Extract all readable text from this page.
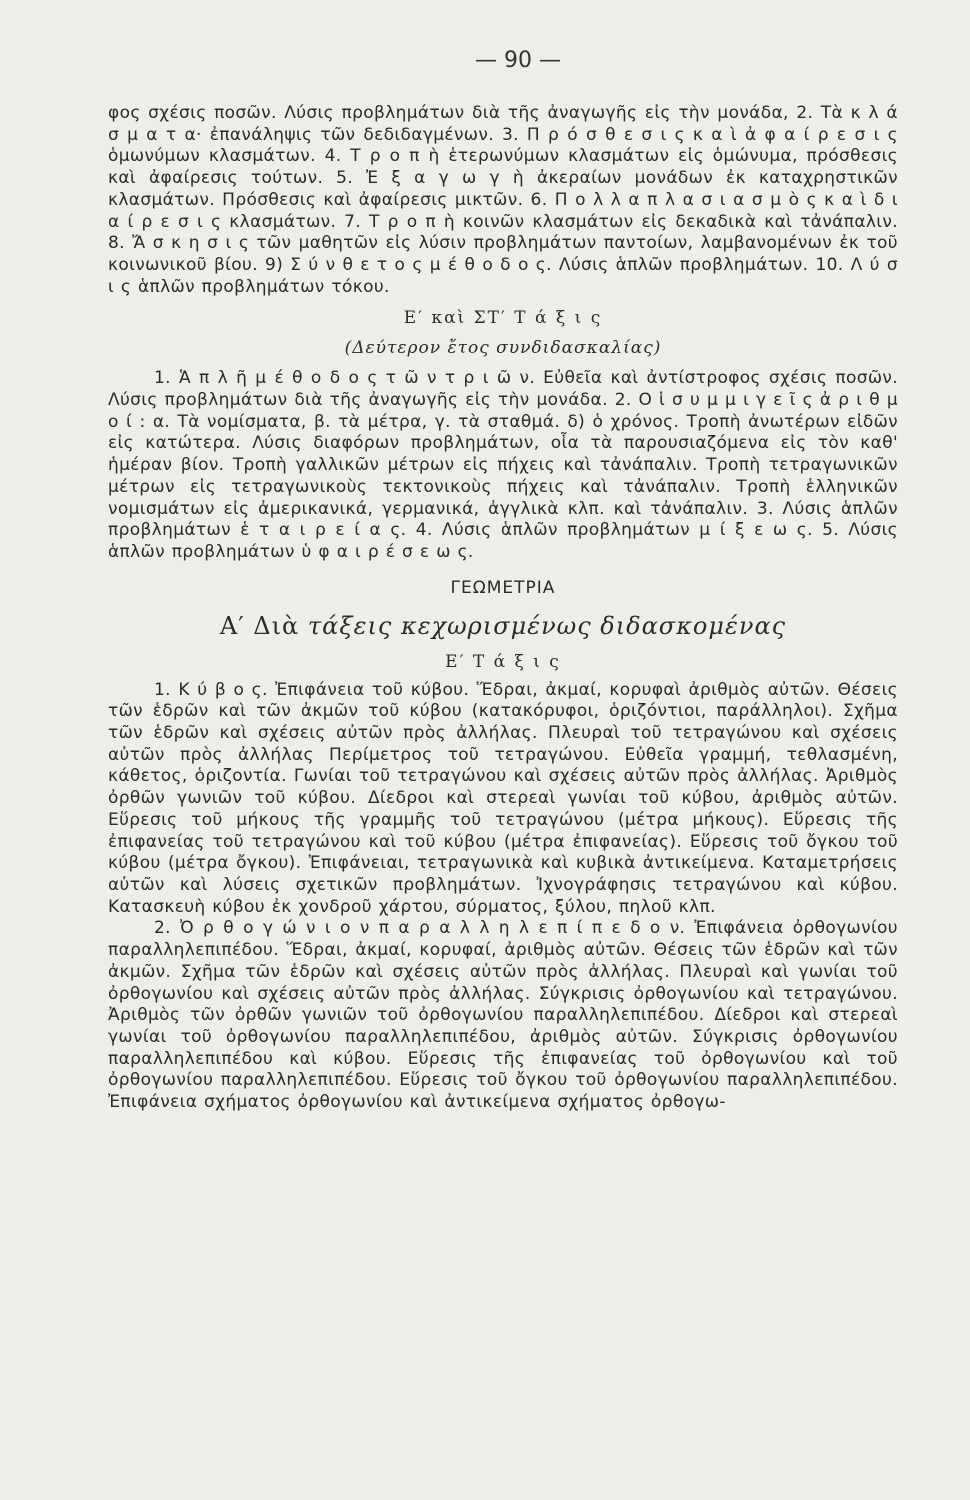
— 90 —

φος σχέσις ποσῶν. Λύσις προβλημάτων διὰ τῆς ἀναγωγῆς εἰς τὴν μονάδα, 2. Τὰ κ λ ά σ μ α τ α· ἐπανάληψις τῶν δεδιδαγμένων. 3. Π ρ ό σ θ ε σ ι ς κ α ὶ ἀ φ α ί ρ ε σ ι ς ὁμωνύμων κλασμάτων. 4. Τ ρ ο π ὴ ἑτερωνύμων κλασμάτων εἰς ὁμώνυμα, πρόσθεσις καὶ ἀφαίρεσις τούτων. 5. Ἐ ξ α γ ω γ ὴ ἀκεραίων μονάδων ἐκ καταχρηστικῶν κλασμάτων. Πρόσθεσις καὶ ἀφαίρεσις μικτῶν. 6. Π ο λ λ α π λ α σ ι α σ μ ὸ ς κ α ὶ δ ι α ί ρ ε σ ι ς κλασμάτων. 7. Τ ρ ο π ὴ κοινῶν κλασμάτων εἰς δεκαδικὰ καὶ τἀνάπαλιν. 8. Ἄ σ κ η σ ι ς τῶν μαθητῶν εἰς λύσιν προβλημάτων παντοίων, λαμβανομένων ἐκ τοῦ κοινωνικοῦ βίου. 9) Σ ύ ν θ ε τ ο ς μ έ θ ο δ ο ς. Λύσις ἁπλῶν προβλημάτων. 10. Λ ύ σ ι ς ἁπλῶν προβλημάτων τόκου.

Ε′ καὶ ΣΤ′ Τ ά ξ ι ς
(Δεύτερον ἔτος συνδιδασκαλίας)

1. Ἁ π λ ῆ μ έ θ ο δ ο ς τ ῶ ν τ ρ ι ῶ ν. Εὐθεῖα καὶ ἀντίστροφος σχέσις ποσῶν. Λύσις προβλημάτων διὰ τῆς ἀναγωγῆς εἰς τὴν μονάδα. 2. Ο ἱ σ υ μ μ ι γ ε ῖ ς ἀ ρ ι θ μ ο ί : α. Τὰ νομίσματα, β. τὰ μέτρα, γ. τὰ σταθμά. δ) ὁ χρόνος. Τροπὴ ἀνωτέρων εἰδῶν εἰς κατώτερα. Λύσις διαφόρων προβλημάτων, οἷα τὰ παρουσιαζόμενα εἰς τὸν καθ' ἡμέραν βίον. Τροπὴ γαλλικῶν μέτρων εἰς πήχεις καὶ τἀνάπαλιν. Τροπὴ τετραγωνικῶν μέτρων εἰς τετραγωνικοὺς τεκτονικοὺς πήχεις καὶ τἀνάπαλιν. Τροπὴ ἑλληνικῶν νομισμάτων εἰς ἀμερικανικά, γερμανικά, ἀγγλικὰ κλπ. καὶ τἀνάπαλιν. 3. Λύσις ἁπλῶν προβλημάτων ἑ τ α ι ρ ε ί α ς. 4. Λύσις ἁπλῶν προβλημάτων μ ί ξ ε ω ς. 5. Λύσις ἁπλῶν προβλημάτων ὑ φ α ι ρ έ σ ε ω ς.

ΓΕΩΜΕΤΡΙΑ
Α′ Διὰ τάξεις κεχωρισμένως διδασκομένας
Ε′ Τ ά ξ ι ς

1. Κ ύ β ο ς. Ἐπιφάνεια τοῦ κύβου. Ἕδραι, ἀκμαί, κορυφαὶ ἀριθμὸς αὐτῶν. Θέσεις τῶν ἑδρῶν καὶ τῶν ἀκμῶν τοῦ κύβου (κατακόρυφοι, ὁριζόντιοι, παράλληλοι). Σχῆμα τῶν ἑδρῶν καὶ σχέσεις αὐτῶν πρὸς ἀλλήλας. Πλευραὶ τοῦ τετραγώνου καὶ σχέσεις αὐτῶν πρὸς ἀλλήλας Περίμετρος τοῦ τετραγώνου. Εὐθεῖα γραμμή, τεθλασμένη, κάθετος, ὁριζοντία. Γωνίαι τοῦ τετραγώνου καὶ σχέσεις αὐτῶν πρὸς ἀλλήλας. Ἀριθμὸς ὀρθῶν γωνιῶν τοῦ κύβου. Δίεδροι καὶ στερεαὶ γωνίαι τοῦ κύβου, ἀριθμὸς αὐτῶν. Εὕρεσις τοῦ μήκους τῆς γραμμῆς τοῦ τετραγώνου (μέτρα μήκους). Εὕρεσις τῆς ἐπιφανείας τοῦ τετραγώνου καὶ τοῦ κύβου (μέτρα ἐπιφανείας). Εὕρεσις τοῦ ὄγκου τοῦ κύβου (μέτρα ὄγκου). Ἐπιφάνειαι, τετραγωνικὰ καὶ κυβικὰ ἀντικείμενα. Καταμετρήσεις αὐτῶν καὶ λύσεις σχετικῶν προβλημάτων. Ἰχνογράφησις τετραγώνου καὶ κύβου. Κατασκευὴ κύβου ἐκ χονδροῦ χάρτου, σύρματος, ξύλου, πηλοῦ κλπ.

2. Ὀ ρ θ ο γ ώ ν ι ο ν π α ρ α λ λ η λ ε π ί π ε δ ο ν. Ἐπιφάνεια ὀρθογωνίου παραλληλεπιπέδου. Ἕδραι, ἀκμαί, κορυφαί, ἀριθμὸς αὐτῶν. Θέσεις τῶν ἑδρῶν καὶ τῶν ἀκμῶν. Σχῆμα τῶν ἑδρῶν καὶ σχέσεις αὐτῶν πρὸς ἀλλήλας. Πλευραὶ καὶ γωνίαι τοῦ ὀρθογωνίου καὶ σχέσεις αὐτῶν πρὸς ἀλλήλας. Σύγκρισις ὀρθογωνίου καὶ τετραγώνου. Ἀριθμὸς τῶν ὀρθῶν γωνιῶν τοῦ ὀρθογωνίου παραλληλεπιπέδου. Δίεδροι καὶ στερεαὶ γωνίαι τοῦ ὀρθογωνίου παραλληλεπιπέδου, ἀριθμὸς αὐτῶν. Σύγκρισις ὀρθογωνίου παραλληλεπιπέδου καὶ κύβου. Εὕρεσις τῆς ἐπιφανείας τοῦ ὀρθογωνίου καὶ τοῦ ὀρθογωνίου παραλληλεπιπέδου. Εὕρεσις τοῦ ὄγκου τοῦ ὀρθογωνίου παραλληλεπιπέδου. Ἐπιφάνεια σχήματος ὀρθογωνίου καὶ ἀντικείμενα σχήματος ὀρθογω-
